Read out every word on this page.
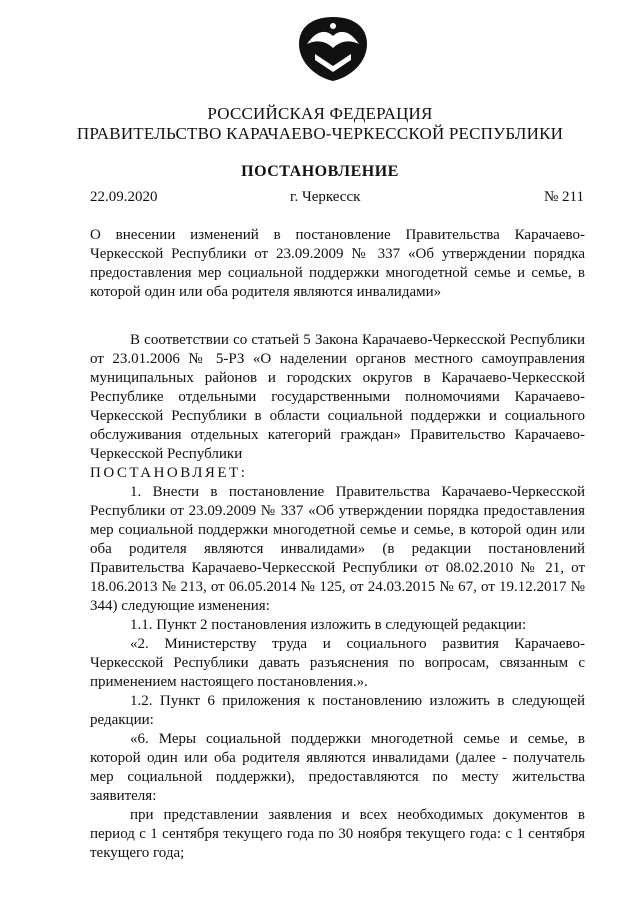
РОССИЙСКАЯ ФЕДЕРАЦИЯ
ПРАВИТЕЛЬСТВО КАРАЧАЕВО-ЧЕРКЕССКОЙ РЕСПУБЛИКИ
ПОСТАНОВЛЕНИЕ
22.09.2020	г. Черкесск	№ 211
О внесении изменений в постановление Правительства Карачаево-Черкесской Республики от 23.09.2009 № 337 «Об утверждении порядка предоставления мер социальной поддержки многодетной семье и семье, в которой один или оба родителя являются инвалидами»

В соответствии со статьей 5 Закона Карачаево-Черкесской Республики от 23.01.2006 № 5-РЗ «О наделении органов местного самоуправления муниципальных районов и городских округов в Карачаево-Черкесской Республике отдельными государственными полномочиями Карачаево-Черкесской Республики в области социальной поддержки и социального обслуживания отдельных категорий граждан» Правительство Карачаево-Черкесской Республики

ПОСТАНОВЛЯЕТ:

1. Внести в постановление Правительства Карачаево-Черкесской Республики от 23.09.2009 № 337 «Об утверждении порядка предоставления мер социальной поддержки многодетной семье и семье, в которой один или оба родителя являются инвалидами» (в редакции постановлений Правительства Карачаево-Черкесской Республики от 08.02.2010 № 21, от 18.06.2013 № 213, от 06.05.2014 № 125, от 24.03.2015 № 67, от 19.12.2017 № 344) следующие изменения:

1.1. Пункт 2 постановления изложить в следующей редакции:

«2. Министерству труда и социального развития Карачаево-Черкесской Республики давать разъяснения по вопросам, связанным с применением настоящего постановления.».

1.2. Пункт 6 приложения к постановлению изложить в следующей редакции:

«6. Меры социальной поддержки многодетной семье и семье, в которой один или оба родителя являются инвалидами (далее - получатель мер социальной поддержки), предоставляются по месту жительства заявителя:

при представлении заявления и всех необходимых документов в период с 1 сентября текущего года по 30 ноября текущего года: с 1 сентября текущего года;
